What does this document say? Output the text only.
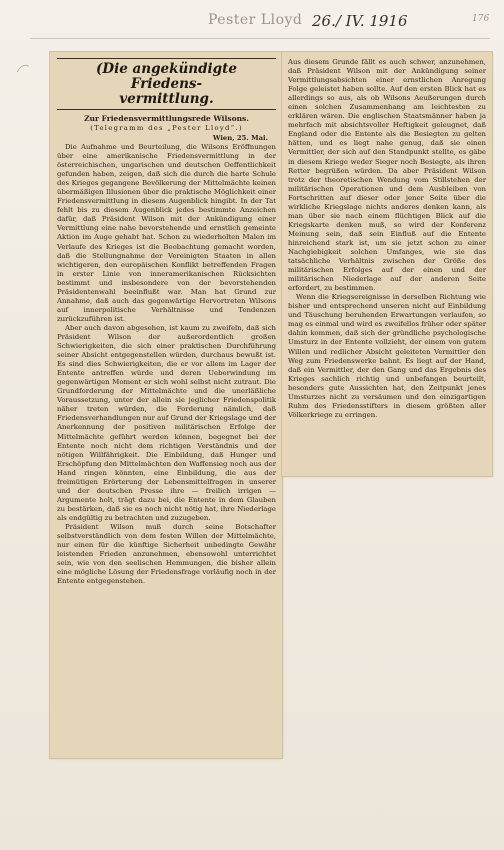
Pester Lloyd 26./ IV. 1916	176
(Die angekündigte Friedens-
vermittlung.
Zur Friedensvermittlungsrede Wilsons.
(Telegramm des „Pester Lloyd“.)
Wien, 25. Mai.

Die Aufnahme und Beurteilung, die Wilsons Eröffnungen über eine amerikanische Friedensvermittlung in der österreichischen, ungarischen und deutschen Oeffentlichkeit gefunden haben, zeigen, daß sich die durch die harte Schule des Krieges gegangene Bevölkerung der Mittelmächte keinen übermäßigen Illusionen über die praktische Möglichkeit einer Friedensvermittlung in diesem Augenblick hingibt. In der Tat fehlt bis zu diesem Augenblick jedes bestimmte Anzeichen dafür, daß Präsident Wilson mit der Ankündigung einer Vermittlung eine nahe bevorstehende und ernstlich gemeinte Aktion im Auge gehabt hat. Schon zu wiederholten Malen im Verlaufe des Krieges ist die Beobachtung gemacht worden, daß die Stellungnahme der Vereinigten Staaten in allen wichtigeren, den europäischen Konflikt betreffenden Fragen in erster Linie von inneramerikanischen Rücksichten bestimmt und insbesondere von der bevorstehenden Präsidentenwahl beeinflußt war. Man hat Grund zur Annahme, daß auch das gegenwärtige Hervortreten Wilsons auf innerpolitische Verhältnisse und Tendenzen zurückzuführen ist.

Aber auch davon abgesehen, ist kaum zu zweifeln, daß sich Präsident Wilson der außerordentlich großen Schwierigkeiten, die sich einer praktischen Durchführung seiner Absicht entgegenstellen würden, durchaus bewußt ist. Es sind dies Schwierigkeiten, die er vor allem im Lager der Entente antreffen würde und deren Ueberwindung im gegenwärtigen Moment er sich wohl selbst nicht zutraut. Die Grundforderung der Mittelmächte und die unerläßliche Voraussetzung, unter der allein sie jeglicher Friedenspolitik näher treten würden, die Forderung nämlich, daß Friedensverhandlungen nur auf Grund der Kriegslage und der Anerkennung der positiven militärischen Erfolge der Mittelmächte geführt werden können, begegnet bei der Entente noch nicht dem richtigen Verständnis und der nötigen Willfährigkeit. Die Einbildung, daß Hunger und Erschöpfung den Mittelmächten den Waffensieg noch aus der Hand ringen könnten, eine Einbildung, die aus der freimütigen Erörterung der Lebensmittelfragen in unserer und der deutschen Presse ihre — freilich irrigen — Argumente holt, trägt dazu bei, die Entente in dem Glauben zu bestärken, daß sie es noch nicht nötig hat, ihre Niederlage als endgültig zu betrachten und zuzugeben.

Präsident Wilson muß durch seine Botschafter selbstverständlich von dem festen Willen der Mittelmächte, nur einen für die künftige Sicherheit unbedingte Gewähr leistenden Frieden anzunehmen, ebensowohl unterrichtet sein, wie von den seelischen Hemmungen, die bisher allein eine mögliche Lösung der Friedensfrage vorläufig noch in der Entente entgegenstehen.

Aus diesem Grunde fällt es auch schwer, anzunehmen, daß Präsident Wilson mit der Ankündigung seiner Vermittlungsabsichten einer ernstlichen Anregung Folge geleistet haben sollte. Auf den ersten Blick hat es allerdings so aus, als ob Wilsons Aeußerungen durch einen solchen Zusammenhang am leichtesten zu erklären wären. Die englischen Staatsmänner haben ja mehrfach mit absichtsvoller Heftigkeit geleugnet, daß England oder die Entente als die Besiegten zu gelten hätten, und es liegt nahe genug, daß sie einen Vermittler, der sich auf den Standpunkt stellte, es gäbe in diesem Kriege weder Sieger noch Besiegte, als ihren Retter begrüßen würden. Da aber Präsident Wilson trotz der theoretischen Wendung vom Stillstehen der militärischen Operationen und dem Ausbleiben von Fortschritten auf dieser oder jener Seite über die wirkliche Kriegslage nichts anderes denken kann, als man über sie nach einem flüchtigen Blick auf die Kriegskarte denken muß, so wird der Konferenz Meinung sein, daß sein Einfluß auf die Entente hinreichend stark ist, um sie jetzt schon zu einer Nachgiebigkeit solchen Umfanges, wie sie das tatsächliche Verhältnis zwischen der Größe des militärischen Erfolges auf der einen und der militärischen Niederlage auf der anderen Seite erfordert, zu bestimmen.

Wenn die Kriegsereignisse in derselben Richtung wie bisher und entsprechend unseren nicht auf Einbildung und Täuschung beruhenden Erwartungen verlaufen, so mag es einmal und wird es zweifellos früher oder später dahin kommen, daß sich der gründliche psychologische Umsturz in der Entente vollzieht, der einem von gutem Willen und redlicher Absicht geleiteten Vermittler den Weg zum Friedenswerke bahnt. Es liegt auf der Hand, daß ein Vermittler, der den Gang und das Ergebnis des Krieges sachlich richtig und unbefangen beurteilt, besonders gute Aussichten hat, den Zeitpunkt jenes Umsturzes nicht zu versäumen und den einzigartigen Ruhm des Friedensstifters in diesem größten aller Völkerkriege zu erringen.
